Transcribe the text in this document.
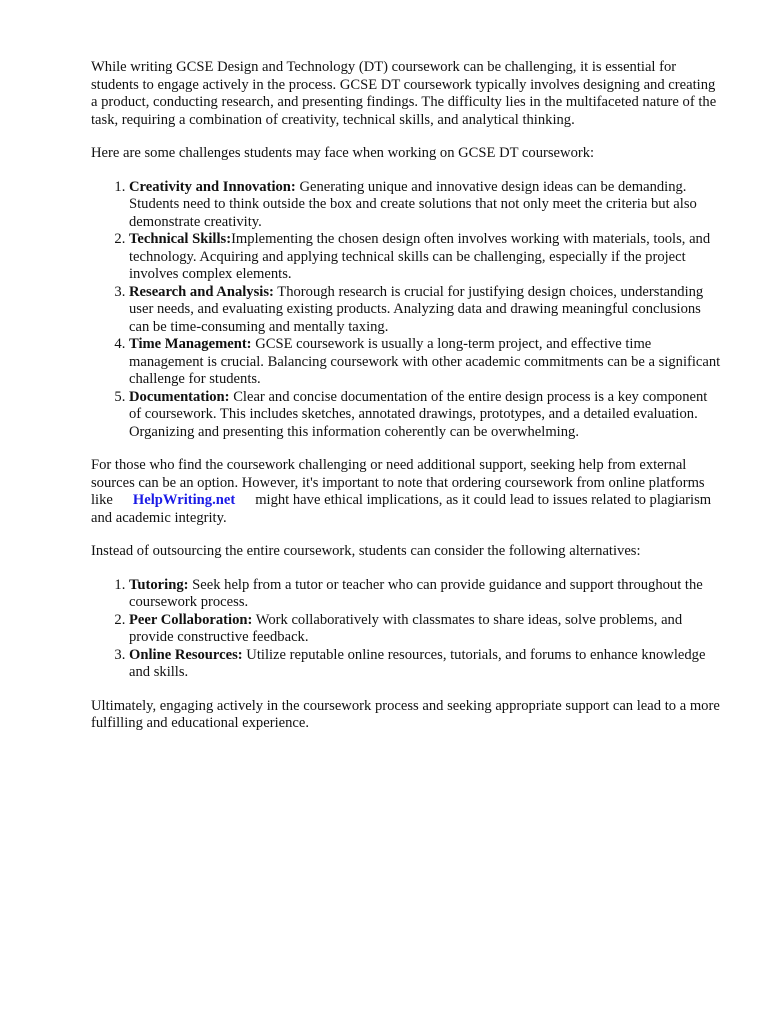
While writing GCSE Design and Technology (DT) coursework can be challenging, it is essential for students to engage actively in the process. GCSE DT coursework typically involves designing and creating a product, conducting research, and presenting findings. The difficulty lies in the multifaceted nature of the task, requiring a combination of creativity, technical skills, and analytical thinking.

Here are some challenges students may face when working on GCSE DT coursework:

1. Creativity and Innovation: Generating unique and innovative design ideas can be demanding. Students need to think outside the box and create solutions that not only meet the criteria but also demonstrate creativity.
2. Technical Skills:Implementing the chosen design often involves working with materials, tools, and technology. Acquiring and applying technical skills can be challenging, especially if the project involves complex elements.
3. Research and Analysis: Thorough research is crucial for justifying design choices, understanding user needs, and evaluating existing products. Analyzing data and drawing meaningful conclusions can be time-consuming and mentally taxing.
4. Time Management: GCSE coursework is usually a long-term project, and effective time management is crucial. Balancing coursework with other academic commitments can be a significant challenge for students.
5. Documentation: Clear and concise documentation of the entire design process is a key component of coursework. This includes sketches, annotated drawings, prototypes, and a detailed evaluation. Organizing and presenting this information coherently can be overwhelming.

For those who find the coursework challenging or need additional support, seeking help from external sources can be an option. However, it's important to note that ordering coursework from online platforms like HelpWriting.net might have ethical implications, as it could lead to issues related to plagiarism and academic integrity.

Instead of outsourcing the entire coursework, students can consider the following alternatives:

1. Tutoring: Seek help from a tutor or teacher who can provide guidance and support throughout the coursework process.
2. Peer Collaboration: Work collaboratively with classmates to share ideas, solve problems, and provide constructive feedback.
3. Online Resources: Utilize reputable online resources, tutorials, and forums to enhance knowledge and skills.

Ultimately, engaging actively in the coursework process and seeking appropriate support can lead to a more fulfilling and educational experience.
